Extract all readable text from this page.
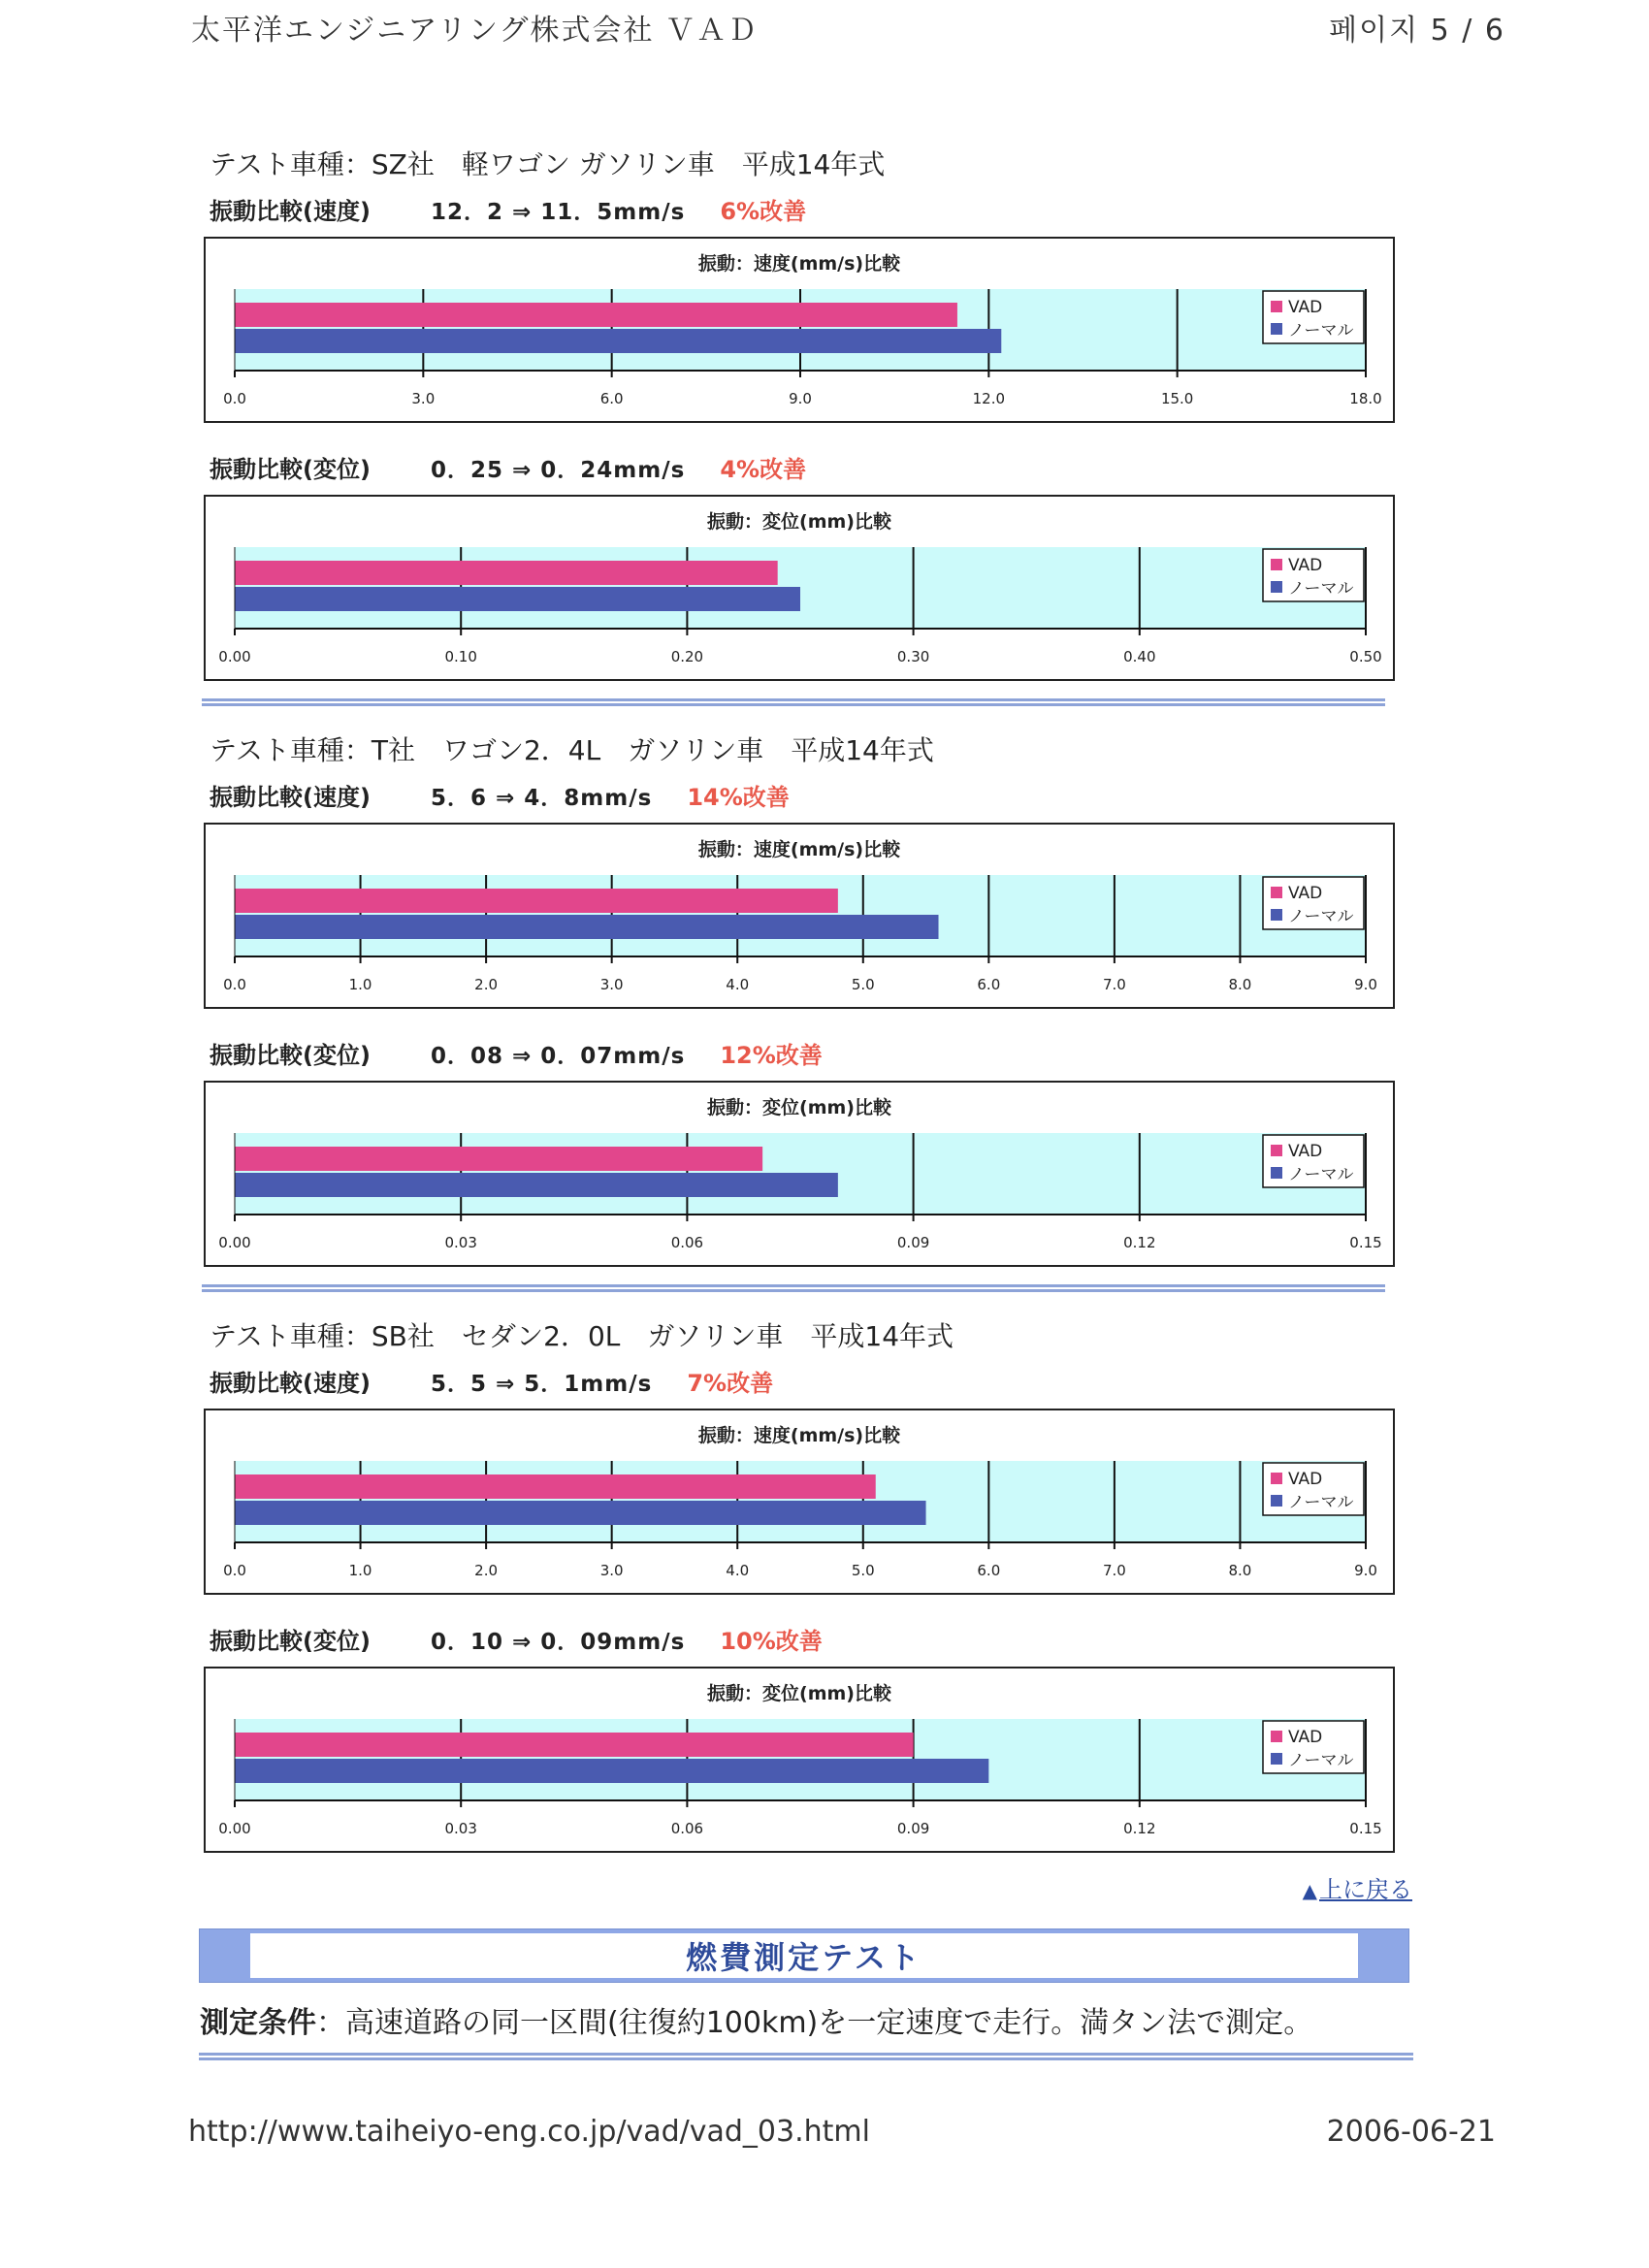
太平洋エンジニアリング株式会社 ＶＡＤ	페이지 5 / 6
テスト車種：SZ社　軽ワゴン ガソリン車　平成14年式
振動比較(速度)	12．2 ⇒ 11．5mm/s 6%改善
振動：速度(mm/s)比較
0.0	3.0	6.0	9.0	12.0	15.0	18.0
VAD
ノーマル
振動比較(変位)	0．25 ⇒ 0．24mm/s 4%改善
振動：変位(mm)比較
0.00	0.10	0.20	0.30	0.40	0.50
VAD
ノーマル
テスト車種：T社　ワゴン2．4L　ガソリン車　平成14年式
振動比較(速度)	5．6 ⇒ 4．8mm/s 14%改善
振動：速度(mm/s)比較
0.0	1.0	2.0	3.0	4.0	5.0	6.0	7.0	8.0	9.0
VAD
ノーマル
振動比較(変位)	0．08 ⇒ 0．07mm/s 12%改善
振動：変位(mm)比較
0.00	0.03	0.06	0.09	0.12	0.15
VAD
ノーマル
テスト車種：SB社　セダン2．0L　ガソリン車　平成14年式
振動比較(速度)	5．5 ⇒ 5．1mm/s 7%改善
振動：速度(mm/s)比較
0.0	1.0	2.0	3.0	4.0	5.0	6.0	7.0	8.0	9.0
VAD
ノーマル
振動比較(変位)	0．10 ⇒ 0．09mm/s 10%改善
振動：変位(mm)比較
0.00	0.03	0.06	0.09	0.12	0.15
VAD
ノーマル
▲上に戻る
燃費測定テスト
測定条件：高速道路の同一区間(往復約100km)を一定速度で走行。満タン法で測定。
http://www.taiheiyo-eng.co.jp/vad/vad_03.html	2006-06-21
